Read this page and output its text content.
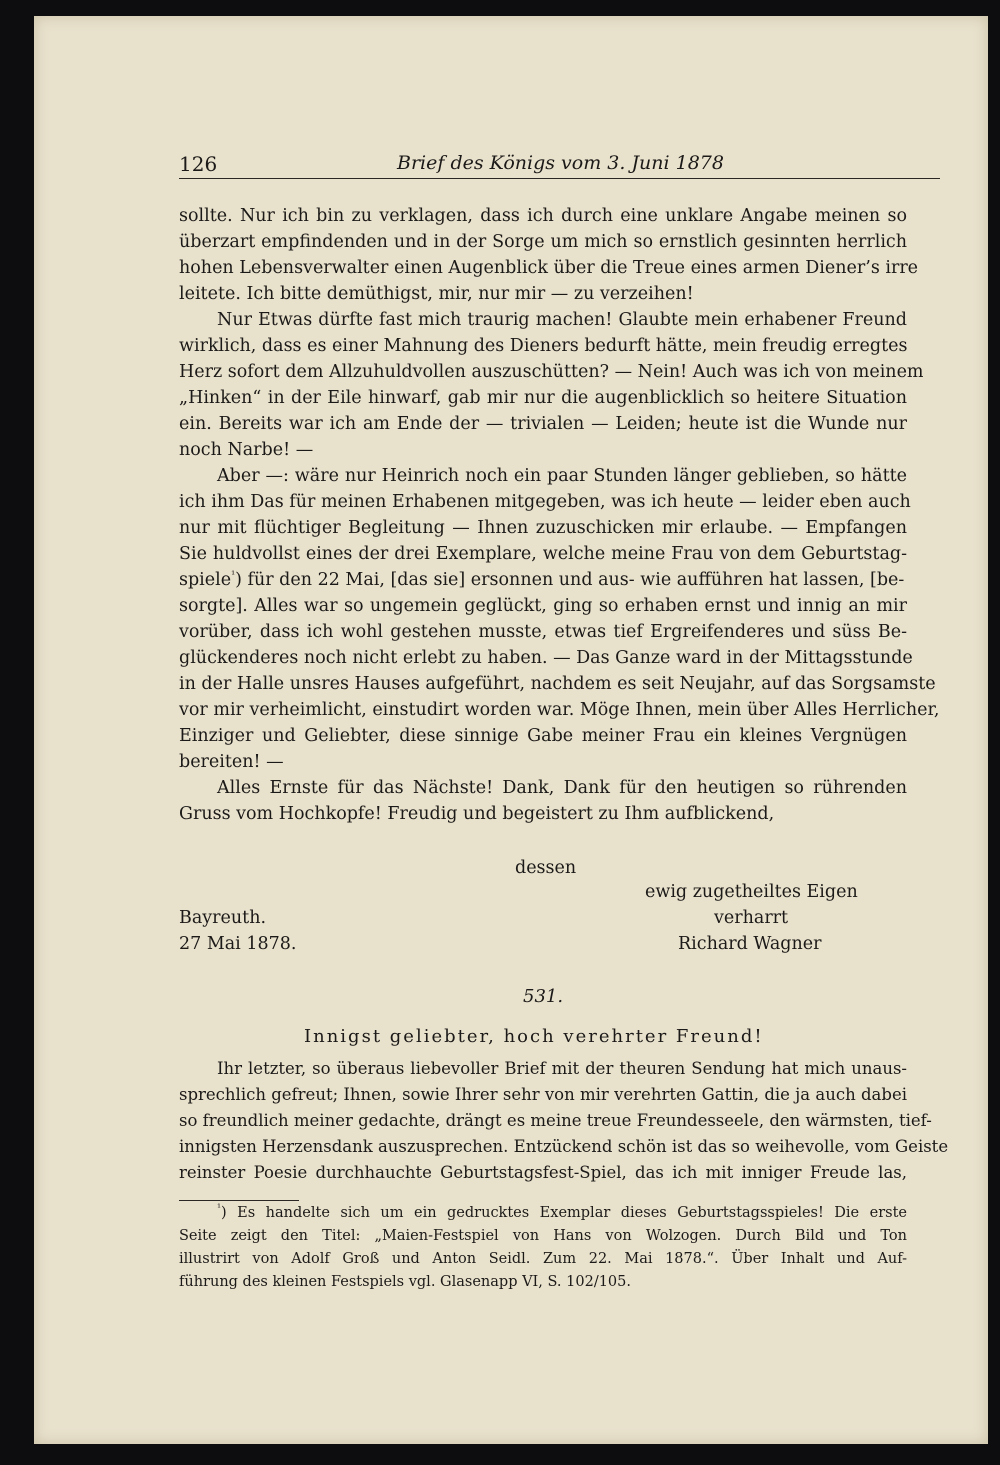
126	Brief des Königs vom 3. Juni 1878
sollte. Nur ich bin zu verklagen, dass ich durch eine unklare Angabe meinen so
überzart empfindenden und in der Sorge um mich so ernstlich gesinnten herrlich
hohen Lebensverwalter einen Augenblick über die Treue eines armen Diener’s irre
leitete. Ich bitte demüthigst, mir, nur mir — zu verzeihen!
Nur Etwas dürfte fast mich traurig machen! Glaubte mein erhabener Freund
wirklich, dass es einer Mahnung des Dieners bedurft hätte, mein freudig erregtes
Herz sofort dem Allzuhuldvollen auszuschütten? — Nein! Auch was ich von meinem
„Hinken“ in der Eile hinwarf, gab mir nur die augenblicklich so heitere Situation
ein. Bereits war ich am Ende der — trivialen — Leiden; heute ist die Wunde nur
noch Narbe! —
Aber —: wäre nur Heinrich noch ein paar Stunden länger geblieben, so hätte
ich ihm Das für meinen Erhabenen mitgegeben, was ich heute — leider eben auch
nur mit flüchtiger Begleitung — Ihnen zuzuschicken mir erlaube. — Empfangen
Sie huldvollst eines der drei Exemplare, welche meine Frau von dem Geburtstag-
spiele$^{^1}$) für den 22 Mai, [das sie] ersonnen und aus- wie aufführen hat lassen, [be-
sorgte]. Alles war so ungemein geglückt, ging so erhaben ernst und innig an mir
vorüber, dass ich wohl gestehen musste, etwas tief Ergreifenderes und süss Be-
glückenderes noch nicht erlebt zu haben. — Das Ganze ward in der Mittagsstunde
in der Halle unsres Hauses aufgeführt, nachdem es seit Neujahr, auf das Sorgsamste
vor mir verheimlicht, einstudirt worden war. Möge Ihnen, mein über Alles Herrlicher,
Einziger und Geliebter, diese sinnige Gabe meiner Frau ein kleines Vergnügen
bereiten! —
Alles Ernste für das Nächste! Dank, Dank für den heutigen so rührenden
Gruss vom Hochkopfe! Freudig und begeistert zu Ihm aufblickend,
dessen
ewig zugetheiltes Eigen
Bayreuth.	verharrt
27 Mai 1878.	Richard Wagner
531.
Innigst geliebter, hoch verehrter Freund!
Ihr letzter, so überaus liebevoller Brief mit der theuren Sendung hat mich unaus-
sprechlich gefreut; Ihnen, sowie Ihrer sehr von mir verehrten Gattin, die ja auch dabei
so freundlich meiner gedachte, drängt es meine treue Freundesseele, den wärmsten, tief-
innigsten Herzensdank auszusprechen. Entzückend schön ist das so weihevolle, vom Geiste
reinster Poesie durchhauchte Geburtstagsfest-Spiel, das ich mit inniger Freude las,
$^{^1}$) Es handelte sich um ein gedrucktes Exemplar dieses Geburtstagsspieles! Die erste
Seite zeigt den Titel: „Maien-Festspiel von Hans von Wolzogen. Durch Bild und Ton
illustrirt von Adolf Groß und Anton Seidl. Zum 22. Mai 1878.“. Über Inhalt und Auf-
führung des kleinen Festspiels vgl. Glasenapp VI, S. 102/105.
